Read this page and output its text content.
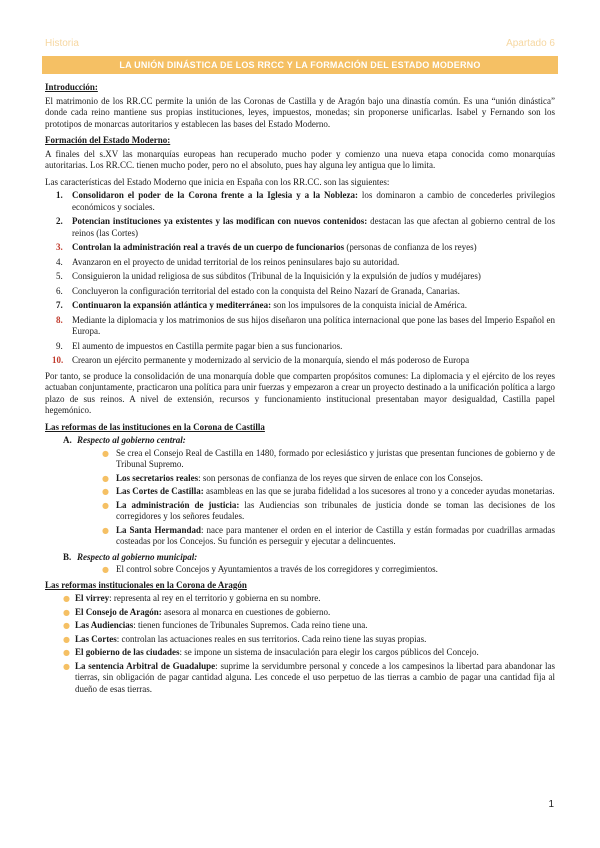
Historia	Apartado 6
LA UNIÓN DINÁSTICA DE LOS RRCC Y LA FORMACIÓN DEL ESTADO MODERNO
Introducción:
El matrimonio de los RR.CC permite la unión de las Coronas de Castilla y de Aragón bajo una dinastía común. Es una “unión dinástica” donde cada reino mantiene sus propias instituciones, leyes, impuestos, monedas; sin proponerse unificarlas. Isabel y Fernando son los prototipos de monarcas autoritarios y establecen las bases del Estado Moderno.
Formación del Estado Moderno:
A finales del s.XV las monarquías europeas han recuperado mucho poder y comienzo una nueva etapa conocida como monarquías autoritarias. Los RR.CC. tienen mucho poder, pero no el absoluto, pues hay alguna ley antigua que lo limita.
Las características del Estado Moderno que inicia en España con los RR.CC. son las siguientes:
1. Consolidaron el poder de la Corona frente a la Iglesia y a la Nobleza: los dominaron a cambio de concederles privilegios económicos y sociales.
2. Potencian instituciones ya existentes y las modifican con nuevos contenidos: destacan las que afectan al gobierno central de los reinos (las Cortes)
3. Controlan la administración real a través de un cuerpo de funcionarios (personas de confianza de los reyes)
4. Avanzaron en el proyecto de unidad territorial de los reinos peninsulares bajo su autoridad.
5. Consiguieron la unidad religiosa de sus súbditos (Tribunal de la Inquisición y la expulsión de judíos y mudéjares)
6. Concluyeron la configuración territorial del estado con la conquista del Reino Nazarí de Granada, Canarias.
7. Continuaron la expansión atlántica y mediterránea: son los impulsores de la conquista inicial de América.
8. Mediante la diplomacia y los matrimonios de sus hijos diseñaron una política internacional que pone las bases del Imperio Español en Europa.
9. El aumento de impuestos en Castilla permite pagar bien a sus funcionarios.
10. Crearon un ejército permanente y modernizado al servicio de la monarquía, siendo el más poderoso de Europa
Por tanto, se produce la consolidación de una monarquía doble que comparten propósitos comunes: La diplomacia y el ejército de los reyes actuaban conjuntamente, practicaron una política para unir fuerzas y empezaron a crear un proyecto destinado a la unificación política a largo plazo de sus reinos. A nivel de extensión, recursos y funcionamiento institucional presentaban mayor desigualdad, Castilla papel hegemónico.
Las reformas de las instituciones en la Corona de Castilla
A. Respecto al gobierno central:
● Se crea el Consejo Real de Castilla en 1480, formado por eclesiástico y juristas que presentan funciones de gobierno y de Tribunal Supremo.
● Los secretarios reales: son personas de confianza de los reyes que sirven de enlace con los Consejos.
● Las Cortes de Castilla: asambleas en las que se juraba fidelidad a los sucesores al trono y a conceder ayudas monetarias.
● La administración de justicia: las Audiencias son tribunales de justicia donde se toman las decisiones de los corregidores y los señores feudales.
● La Santa Hermandad: nace para mantener el orden en el interior de Castilla y están formadas por cuadrillas armadas costeadas por los Concejos. Su función es perseguir y ejecutar a delincuentes.
B. Respecto al gobierno municipal:
● El control sobre Concejos y Ayuntamientos a través de los corregidores y corregimientos.
Las reformas institucionales en la Corona de Aragón
● El virrey: representa al rey en el territorio y gobierna en su nombre.
● El Consejo de Aragón: asesora al monarca en cuestiones de gobierno.
● Las Audiencias: tienen funciones de Tribunales Supremos. Cada reino tiene una.
● Las Cortes: controlan las actuaciones reales en sus territorios. Cada reino tiene las suyas propias.
● El gobierno de las ciudades: se impone un sistema de insaculación para elegir los cargos públicos del Concejo.
● La sentencia Arbitral de Guadalupe: suprime la servidumbre personal y concede a los campesinos la libertad para abandonar las tierras, sin obligación de pagar cantidad alguna. Les concede el uso perpetuo de las tierras a cambio de pagar una cantidad fija al dueño de esas tierras.
1
